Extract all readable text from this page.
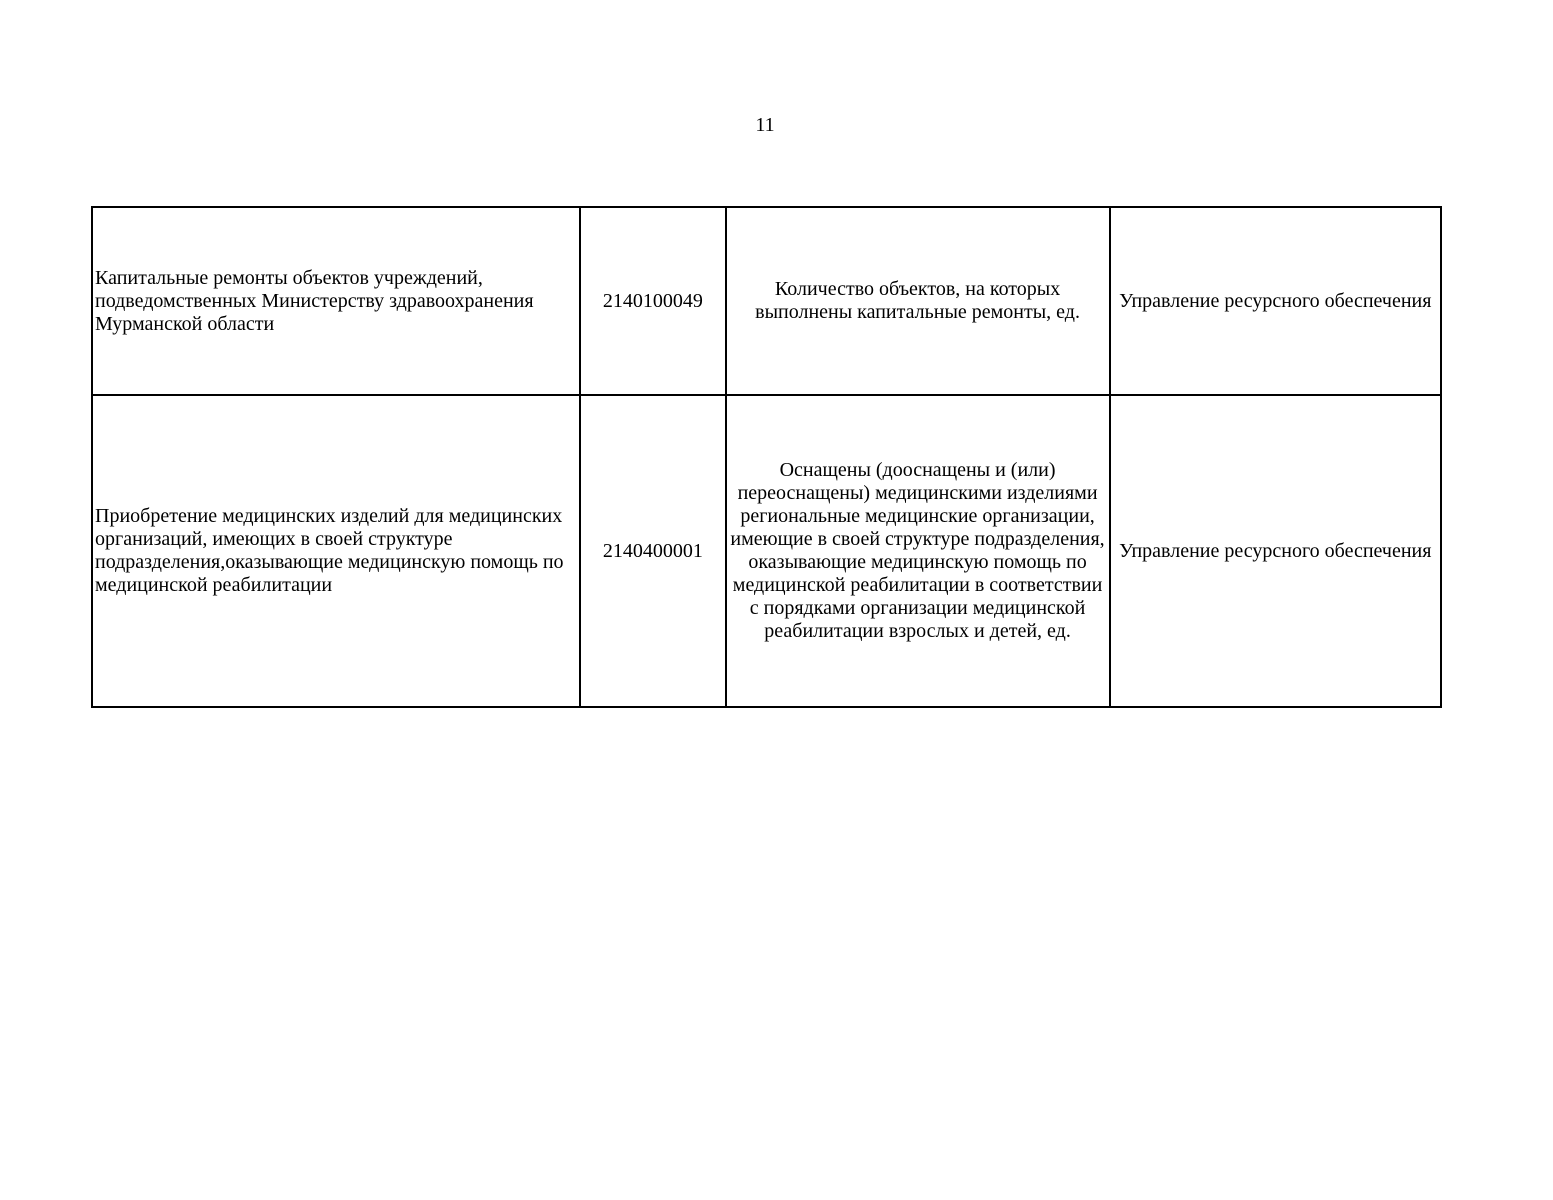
11
Капитальные ремонты объектов учреждений, подведомственных Министерству здравоохранения Мурманской области	2140100049	Количество объектов, на которых выполнены капитальные ремонты, ед.	Управление ресурсного обеспечения

Приобретение медицинских изделий для медицинских организаций, имеющих в своей структуре подразделения,оказывающие медицинскую помощь по медицинской реабилитации	2140400001	Оснащены (дооснащены и (или) переоснащены) медицинскими изделиями региональные медицинские организации, имеющие в своей структуре подразделения, оказывающие медицинскую помощь по медицинской реабилитации в соответствии с порядками организации медицинской реабилитации взрослых и детей, ед.	Управление ресурсного обеспечения
